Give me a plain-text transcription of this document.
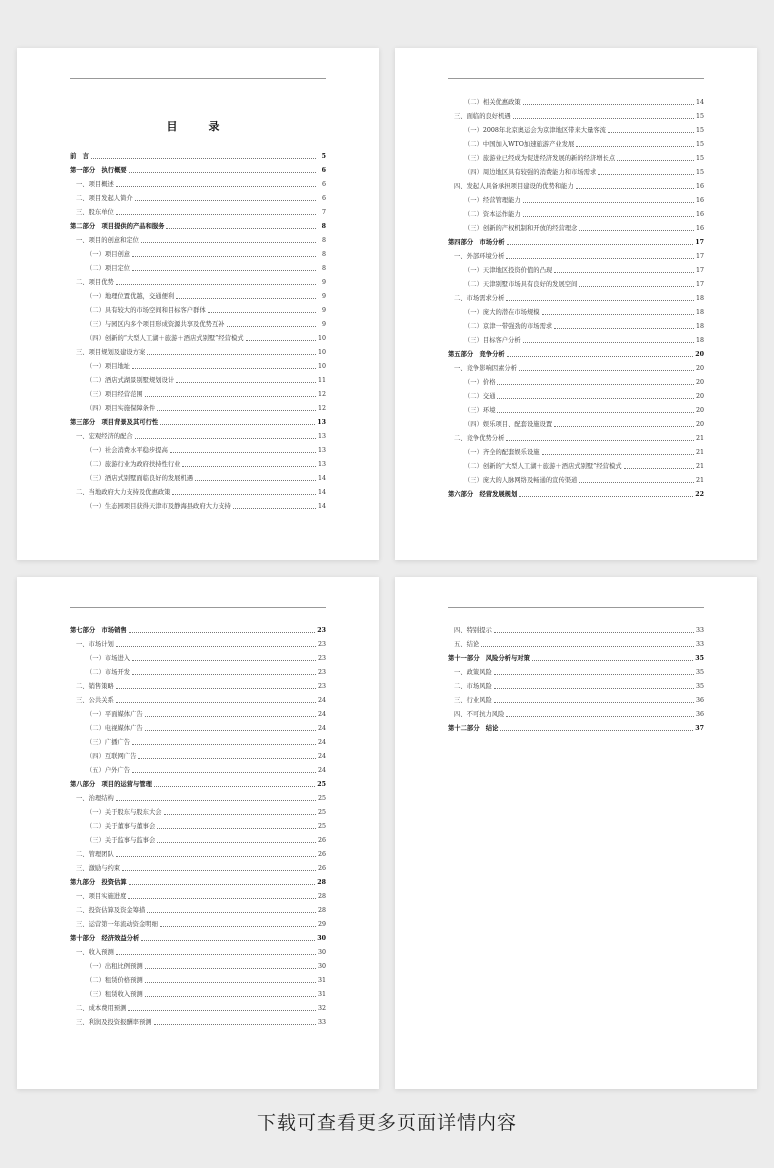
目　录
前　言	5
第一部分　执行概要	6
一、项目概述	6
二、项目发起人简介	6
三、股东单位	7
第二部分　项目提供的产品和服务	8
一、项目的创意和定位	8
（一）项目创意	8
（二）项目定位	8
二、项目优势	9
（一）地理位置优越，交通便利	9
（二）具有较大的市场空间和目标客户群体	9
（三）与园区内多个项目形成资源共享及优势互补	9
（四）创新的“大型人工湖＋旅游＋酒店式别墅”经营模式	10
三、项目规划及建设方案	10
（一）项目地址	10
（二）酒店式湖景别墅规划设计	11
（三）项目经营范围	12
（四）项目实施保障条件	12
第三部分　项目背景及其可行性	13
一、宏观经济的配合	13
（一）社会消费水平稳步提高	13
（二）旅游行业为政府扶持性行业	13
（三）酒店式别墅面临良好的发展机遇	14
二、当地政府大力支持及优惠政策	14
（一）生态园项目获得天津市及静海县政府大力支持	14
（二）相关优惠政策	14
三、面临的良好机遇	15
（一）2008年北京奥运会为京津地区带来大量客流	15
（二）中国加入WTO加速旅游产业发展	15
（三）旅游业已经成为促进经济发展的新的经济增长点	15
（四）周边地区具有较强的消费能力和市场需求	15
四、发起人具备承担项目建设的优势和能力	16
（一）经营管理能力	16
（二）资本运作能力	16
（三）创新的产权机制和开放的经营理念	16
第四部分　市场分析	17
一、外部环境分析	17
（一）天津地区投资价值的凸现	17
（二）天津别墅市场具有良好的发展空间	17
二、市场需求分析	18
（一）庞大的潜在市场规模	18
（二）京津一带强劲的市场需求	18
（三）目标客户分析	18
第五部分　竞争分析	20
一、竞争影响因素分析	20
（一）价格	20
（二）交通	20
（三）环境	20
（四）娱乐项目、配套设施设置	20
二、竞争优势分析	21
（一）齐全的配套娱乐设施	21
（二）创新的“大型人工湖＋旅游＋酒店式别墅”经营模式	21
（三）庞大的人脉网络及畅通的宣传渠道	21
第六部分　经营发展规划	22
第七部分　市场销售	23
一、市场计划	23
（一）市场进入	23
（二）市场开发	23
二、销售策略	23
三、公共关系	24
（一）平面媒体广告	24
（二）电视媒体广告	24
（三）广播广告	24
（四）互联网广告	24
（五）户外广告	24
第八部分　项目的运营与管理	25
一、治理结构	25
（一）关于股东与股东大会	25
（二）关于董事与董事会	25
（三）关于监事与监事会	26
二、管理团队	26
三、激励与约束	26
第九部分　投资估算	28
一、项目实施进度	28
二、投资估算及资金筹措	28
三、运营第一年流动资金明细	29
第十部分　经济效益分析	30
一、收入预测	30
（一）出租比例预测	30
（二）租赁价格预测	31
（三）租赁收入预测	31
二、成本费用预测	32
三、利润及投资报酬率预测	33
四、特别提示	33
五、结论	33
第十一部分　风险分析与对策	35
一、政策风险	35
二、市场风险	35
三、行业风险	36
四、不可抗力风险	36
第十二部分　结论	37
下载可查看更多页面详情内容
